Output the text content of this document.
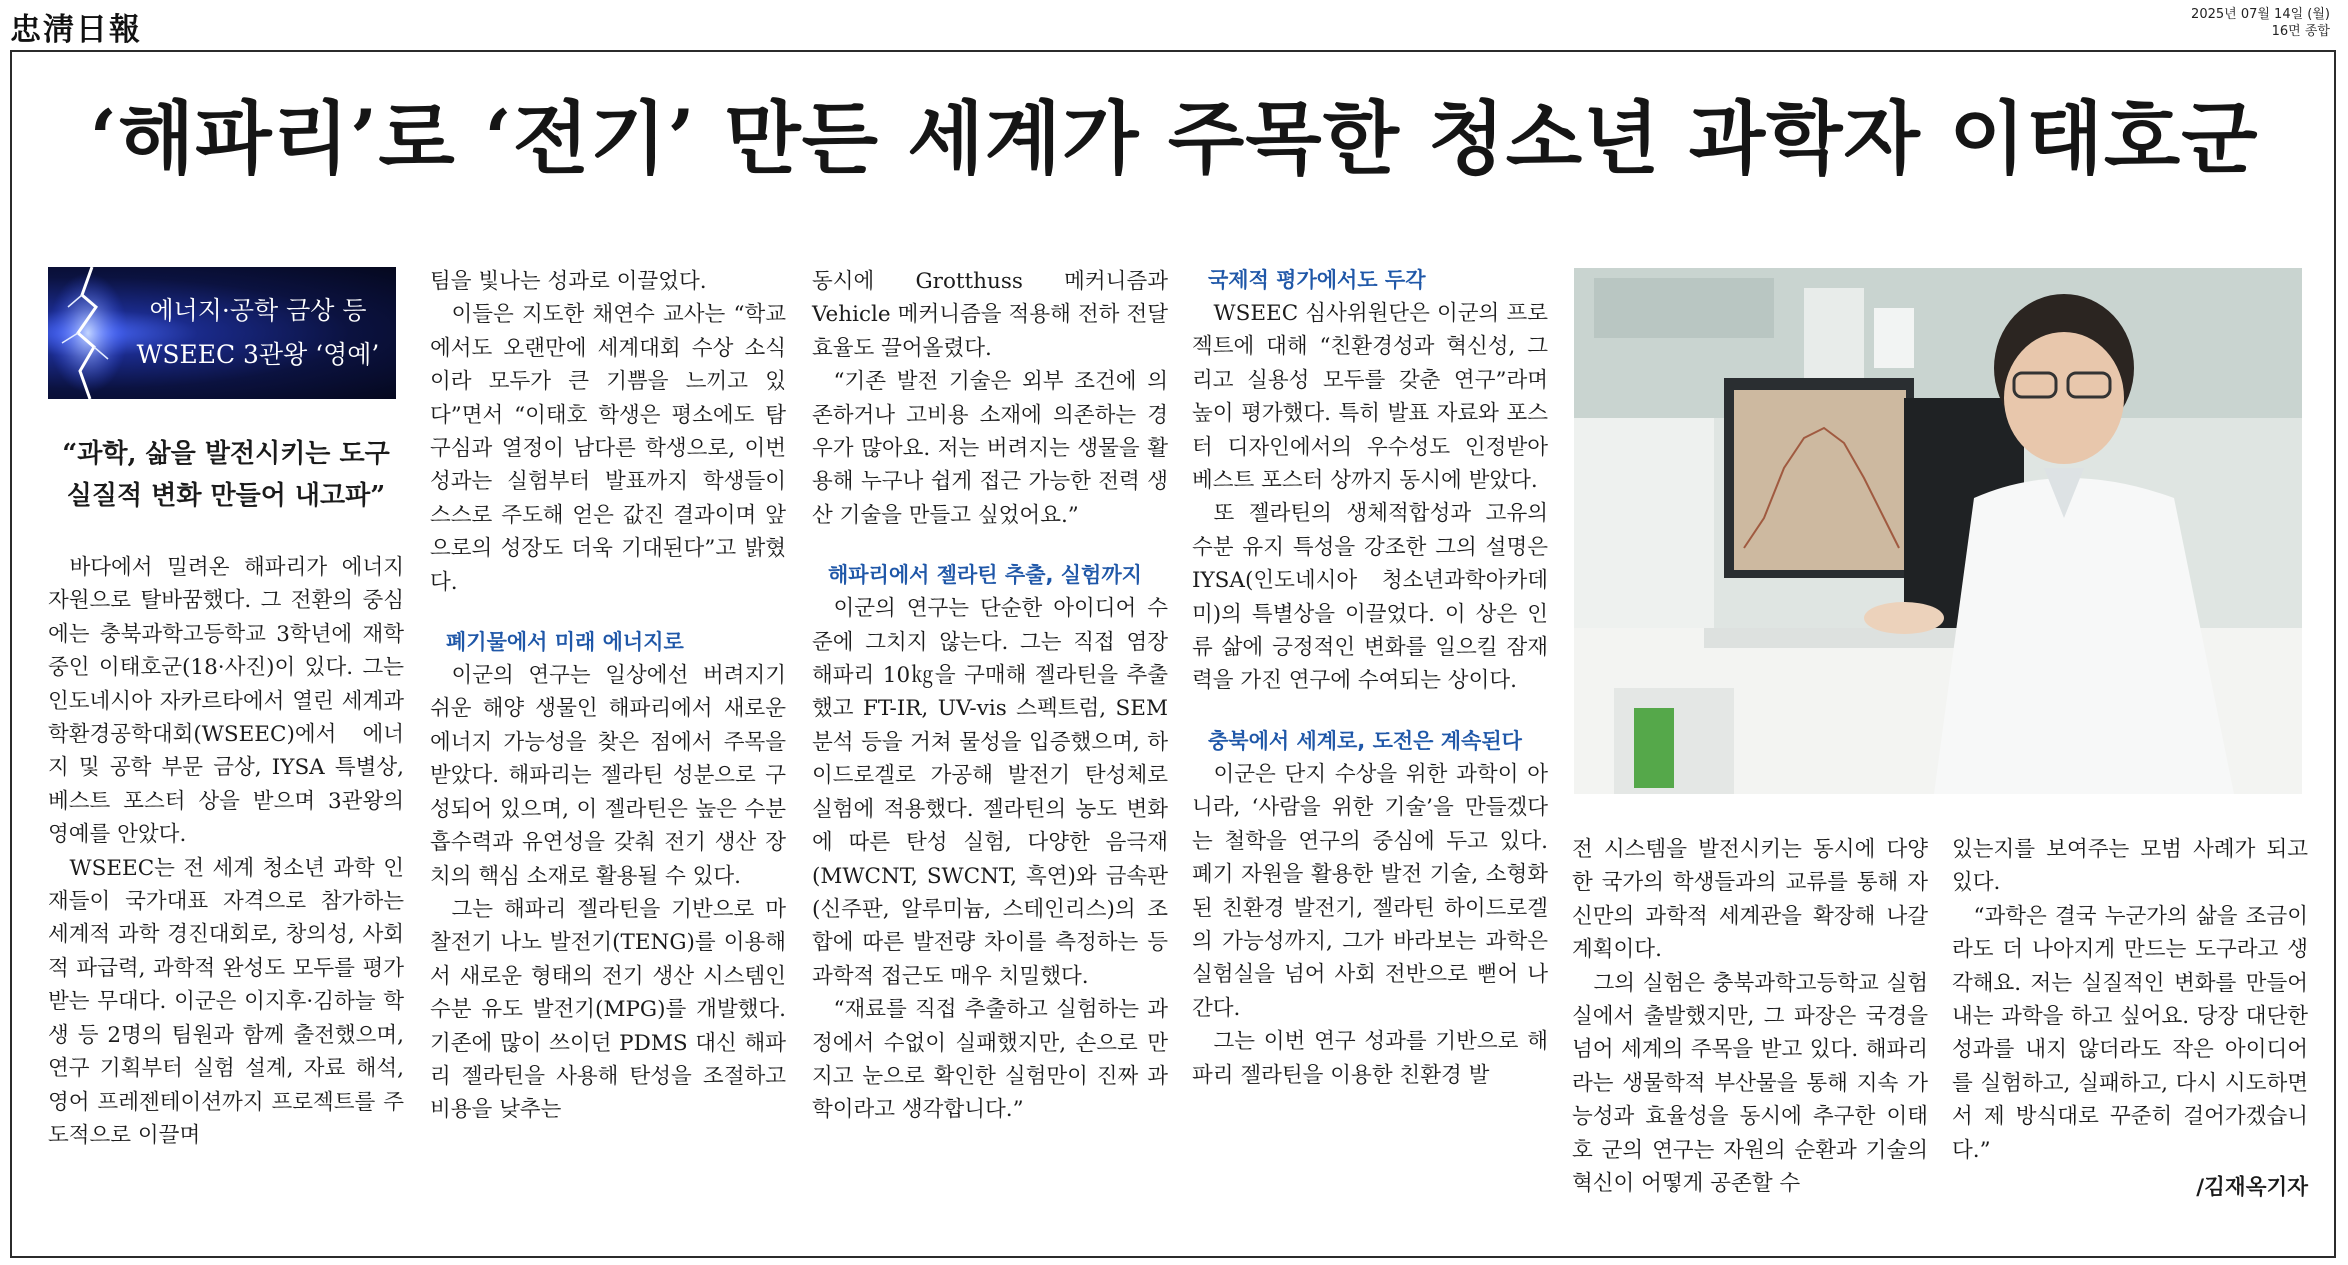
忠淸日報	2025년 07월 14일 (월)
16면 종합
‘해파리’로 ‘전기’ 만든 세계가 주목한 청소년 과학자 이태호군
에너지·공학 금상 등
WSEEC 3관왕 ‘영예’
“과학, 삶을 발전시키는 도구
실질적 변화 만들어 내고파”

바다에서 밀려온 해파리가 에너지 자원으로 탈바꿈했다. 그 전환의 중심에는 충북과학고등학교 3학년에 재학 중인 이태호군(18·사진)이 있다. 그는 인도네시아 자카르타에서 열린 세계과학환경공학대회(WSEEC)에서 에너지 및 공학 부문 금상, IYSA 특별상, 베스트 포스터 상을 받으며 3관왕의 영예를 안았다.

WSEEC는 전 세계 청소년 과학 인재들이 국가대표 자격으로 참가하는 세계적 과학 경진대회로, 창의성, 사회적 파급력, 과학적 완성도 모두를 평가받는 무대다. 이군은 이지후·김하늘 학생 등 2명의 팀원과 함께 출전했으며, 연구 기획부터 실험 설계, 자료 해석, 영어 프레젠테이션까지 프로젝트를 주도적으로 이끌며

팀을 빛나는 성과로 이끌었다.

이들은 지도한 채연수 교사는 “학교에서도 오랜만에 세계대회 수상 소식이라 모두가 큰 기쁨을 느끼고 있다”면서 “이태호 학생은 평소에도 탐구심과 열정이 남다른 학생으로, 이번 성과는 실험부터 발표까지 학생들이 스스로 주도해 얻은 값진 결과이며 앞으로의 성장도 더욱 기대된다”고 밝혔다.

폐기물에서 미래 에너지로

이군의 연구는 일상에선 버려지기 쉬운 해양 생물인 해파리에서 새로운 에너지 가능성을 찾은 점에서 주목을 받았다. 해파리는 젤라틴 성분으로 구성되어 있으며, 이 젤라틴은 높은 수분 흡수력과 유연성을 갖춰 전기 생산 장치의 핵심 소재로 활용될 수 있다.

그는 해파리 젤라틴을 기반으로 마찰전기 나노 발전기(TENG)를 이용해서 새로운 형태의 전기 생산 시스템인 수분 유도 발전기(MPG)를 개발했다. 기존에 많이 쓰이던 PDMS 대신 해파리 젤라틴을 사용해 탄성을 조절하고 비용을 낮추는

동시에 Grotthuss 메커니즘과 Vehicle 메커니즘을 적용해 전하 전달 효율도 끌어올렸다.

“기존 발전 기술은 외부 조건에 의존하거나 고비용 소재에 의존하는 경우가 많아요. 저는 버려지는 생물을 활용해 누구나 쉽게 접근 가능한 전력 생산 기술을 만들고 싶었어요.”

해파리에서 젤라틴 추출, 실험까지

이군의 연구는 단순한 아이디어 수준에 그치지 않는다. 그는 직접 염장 해파리 10㎏을 구매해 젤라틴을 추출했고 FT-IR, UV-vis 스펙트럼, SEM 분석 등을 거쳐 물성을 입증했으며, 하이드로겔로 가공해 발전기 탄성체로 실험에 적용했다. 젤라틴의 농도 변화에 따른 탄성 실험, 다양한 음극재(MWCNT, SWCNT, 흑연)와 금속판(신주판, 알루미늄, 스테인리스)의 조합에 따른 발전량 차이를 측정하는 등 과학적 접근도 매우 치밀했다.

“재료를 직접 추출하고 실험하는 과정에서 수없이 실패했지만, 손으로 만지고 눈으로 확인한 실험만이 진짜 과학이라고 생각합니다.”

국제적 평가에서도 두각

WSEEC 심사위원단은 이군의 프로젝트에 대해 “친환경성과 혁신성, 그리고 실용성 모두를 갖춘 연구”라며 높이 평가했다. 특히 발표 자료와 포스터 디자인에서의 우수성도 인정받아 베스트 포스터 상까지 동시에 받았다.

또 젤라틴의 생체적합성과 고유의 수분 유지 특성을 강조한 그의 설명은 IYSA(인도네시아 청소년과학아카데미)의 특별상을 이끌었다. 이 상은 인류 삶에 긍정적인 변화를 일으킬 잠재력을 가진 연구에 수여되는 상이다.

충북에서 세계로, 도전은 계속된다

이군은 단지 수상을 위한 과학이 아니라, ‘사람을 위한 기술’을 만들겠다는 철학을 연구의 중심에 두고 있다. 폐기 자원을 활용한 발전 기술, 소형화된 친환경 발전기, 젤라틴 하이드로겔의 가능성까지, 그가 바라보는 과학은 실험실을 넘어 사회 전반으로 뻗어 나간다.

그는 이번 연구 성과를 기반으로 해파리 젤라틴을 이용한 친환경 발

전 시스템을 발전시키는 동시에 다양한 국가의 학생들과의 교류를 통해 자신만의 과학적 세계관을 확장해 나갈 계획이다.

그의 실험은 충북과학고등학교 실험실에서 출발했지만, 그 파장은 국경을 넘어 세계의 주목을 받고 있다. 해파리라는 생물학적 부산물을 통해 지속 가능성과 효율성을 동시에 추구한 이태호 군의 연구는 자원의 순환과 기술의 혁신이 어떻게 공존할 수

있는지를 보여주는 모범 사례가 되고 있다.

“과학은 결국 누군가의 삶을 조금이라도 더 나아지게 만드는 도구라고 생각해요. 저는 실질적인 변화를 만들어내는 과학을 하고 싶어요. 당장 대단한 성과를 내지 않더라도 작은 아이디어를 실험하고, 실패하고, 다시 시도하면서 제 방식대로 꾸준히 걸어가겠습니다.”

/김재옥기자
